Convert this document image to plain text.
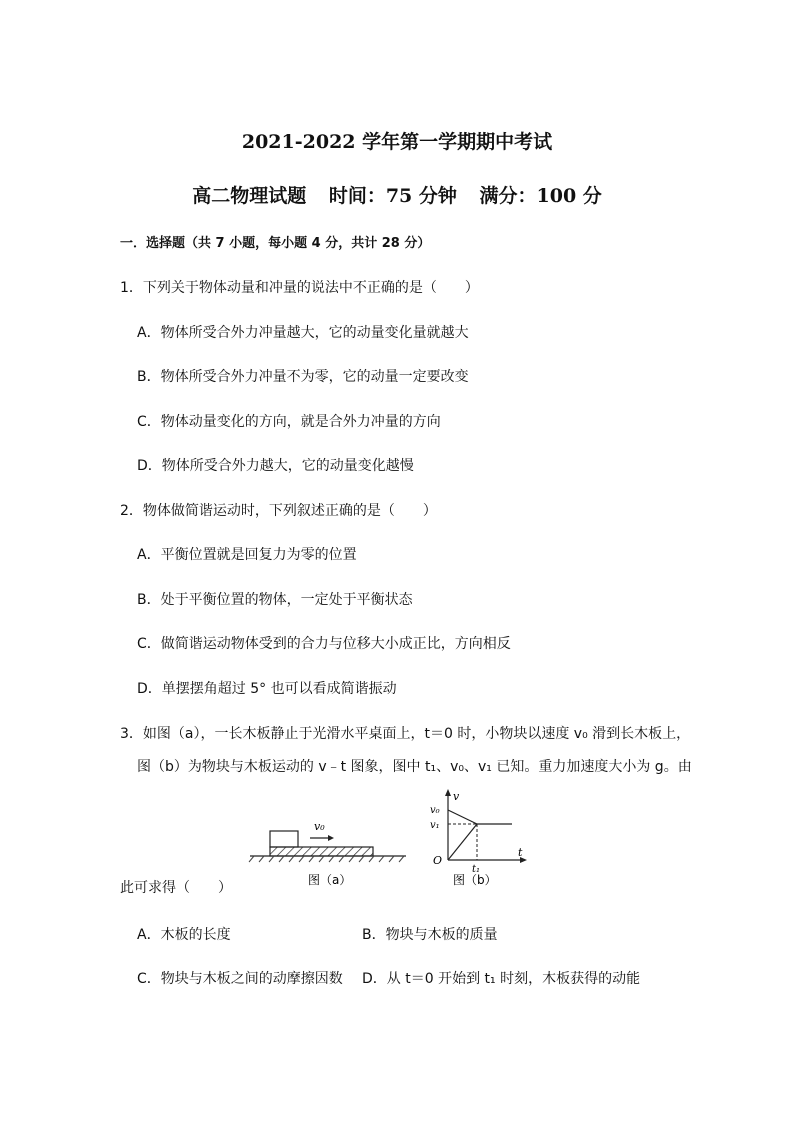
2021-2022 学年第一学期期中考试
高二物理试题 时间：75 分钟 满分：100 分
一．选择题（共 7 小题，每小题 4 分，共计 28 分）
1．下列关于物体动量和冲量的说法中不正确的是（　　）
A．物体所受合外力冲量越大，它的动量变化量就越大
B．物体所受合外力冲量不为零，它的动量一定要改变
C．物体动量变化的方向，就是合外力冲量的方向
D．物体所受合外力越大，它的动量变化越慢
2．物体做简谐运动时，下列叙述正确的是（　　）
A．平衡位置就是回复力为零的位置
B．处于平衡位置的物体，一定处于平衡状态
C．做简谐运动物体受到的合力与位移大小成正比，方向相反
D．单摆摆角超过 5° 也可以看成简谐振动
3．如图（a），一长木板静止于光滑水平桌面上，t＝0 时，小物块以速度 v₀ 滑到长木板上，
图（b）为物块与木板运动的 v﹣t 图象，图中 t₁、v₀、v₁ 已知。重力加速度大小为 g。由
v₀
图（a）
v
t
O
v₀
v₁
t₁
图（b）
此可求得（　　）
A．木板的长度	B．物块与木板的质量
C．物块与木板之间的动摩擦因数 D．从 t＝0 开始到 t₁ 时刻，木板获得的动能
